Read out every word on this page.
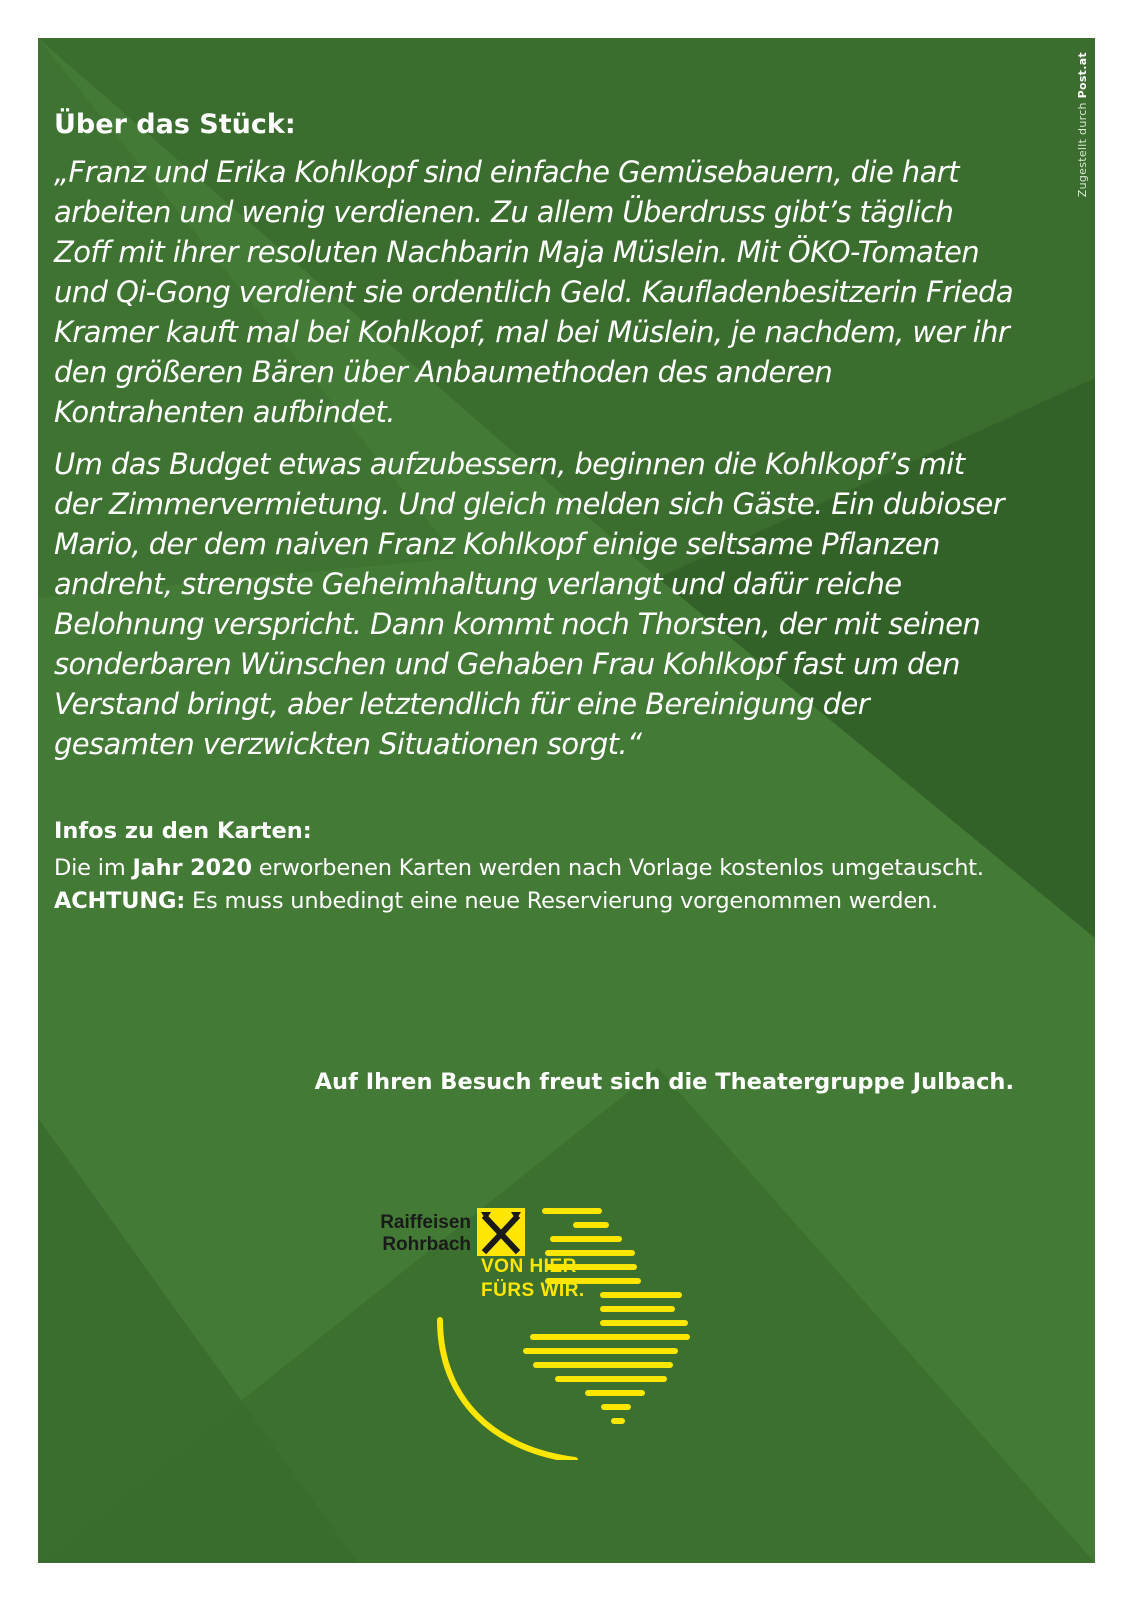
Zugestellt durch Post.at
Über das Stück:

„Franz und Erika Kohlkopf sind einfache Gemüsebauern, die hart arbeiten und wenig verdienen. Zu allem Überdruss gibt’s täglich Zoff mit ihrer resoluten Nachbarin Maja Müslein. Mit ÖKO-Tomaten und Qi-Gong verdient sie ordentlich Geld. Kaufladenbesitzerin Frieda Kramer kauft mal bei Kohlkopf, mal bei Müslein, je nachdem, wer ihr den größeren Bären über Anbaumethoden des anderen Kontrahenten aufbindet.

Um das Budget etwas aufzubessern, beginnen die Kohlkopf’s mit der Zimmervermietung. Und gleich melden sich Gäste. Ein dubioser Mario, der dem naiven Franz Kohlkopf einige seltsame Pflanzen andreht, strengste Geheimhaltung verlangt und dafür reiche Belohnung verspricht. Dann kommt noch Thorsten, der mit seinen sonderbaren Wünschen und Gehaben Frau Kohlkopf fast um den Verstand bringt, aber letztendlich für eine Bereinigung der gesamten verzwickten Situationen sorgt.“

Infos zu den Karten:

Die im Jahr 2020 erworbenen Karten werden nach Vorlage kostenlos umgetauscht. ACHTUNG: Es muss unbedingt eine neue Reservierung vorgenommen werden.

Auf Ihren Besuch freut sich die Theatergruppe Julbach.
Raiffeisen
Rohrbach
VON HIER
FÜRS WIR.
